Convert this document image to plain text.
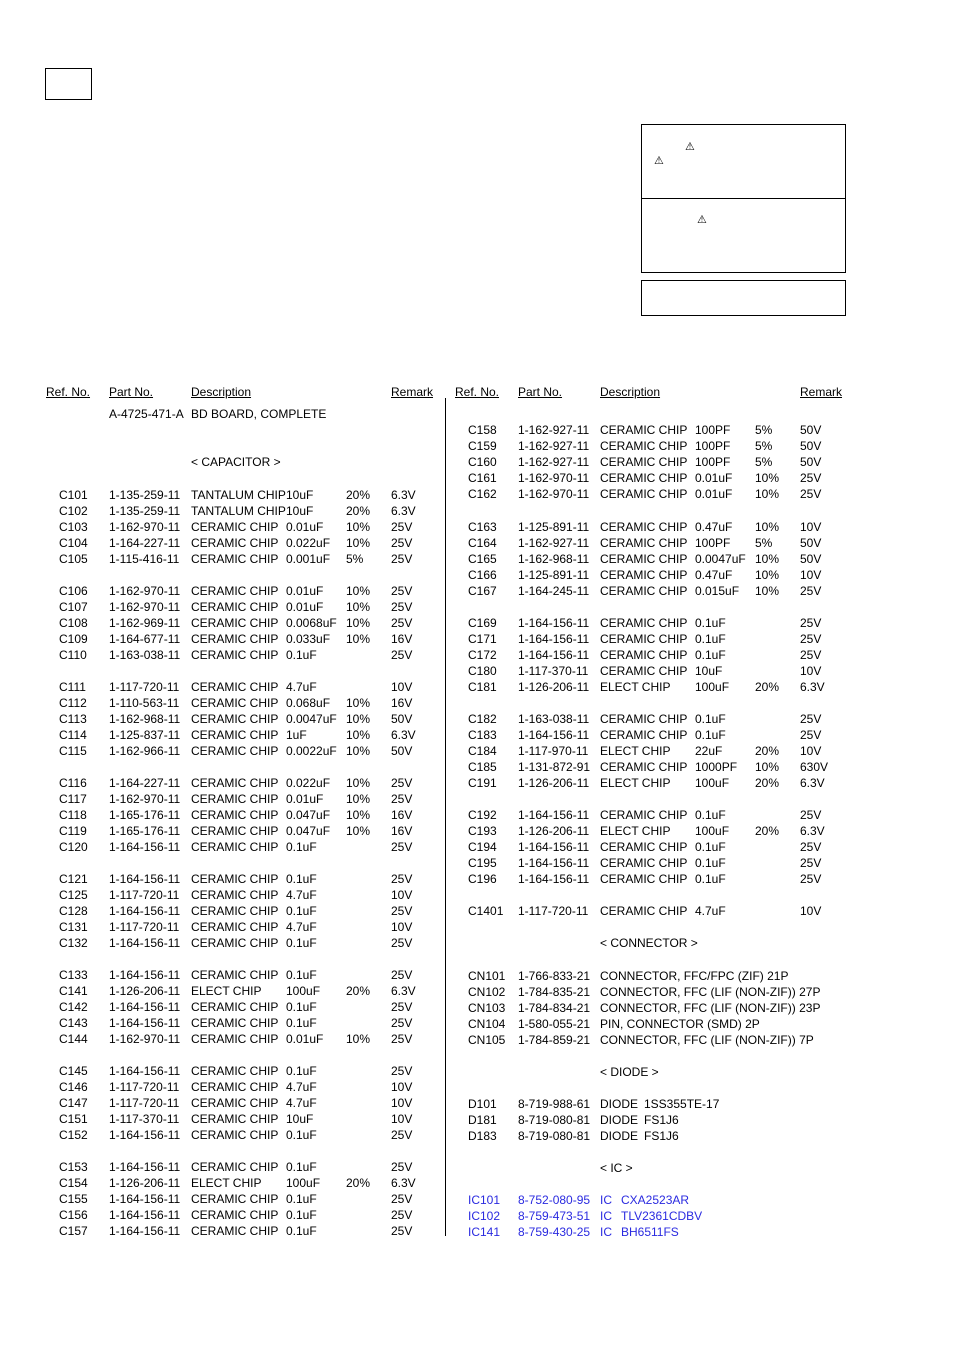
⚠
⚠
⚠
Ref. No. Part No.	Description	Remark Ref. No. Part No.	Description	Remark
A-4725-471-A BD BOARD, COMPLETE
< CAPACITOR >
< CONNECTOR >
< DIODE >
< IC >
C101 1-135-259-11 TANTALUM CHIP 10uF	20% 6.3V
C102 1-135-259-11 TANTALUM CHIP 10uF	20% 6.3V
C103 1-162-970-11 CERAMIC CHIP 0.01uF 10% 25V
C104 1-164-227-11 CERAMIC CHIP 0.022uF 10% 25V
C105 1-115-416-11 CERAMIC CHIP 0.001uF 5% 25V
C106 1-162-970-11 CERAMIC CHIP 0.01uF 10% 25V
C107 1-162-970-11 CERAMIC CHIP 0.01uF 10% 25V
C108 1-162-969-11 CERAMIC CHIP 0.0068uF 10% 25V
C109 1-164-677-11 CERAMIC CHIP 0.033uF 10% 16V
C110 1-163-038-11 CERAMIC CHIP 0.1uF	25V
C111 1-117-720-11 CERAMIC CHIP 4.7uF	10V
C112 1-110-563-11 CERAMIC CHIP 0.068uF 10% 16V
C113 1-162-968-11 CERAMIC CHIP 0.0047uF 10% 50V
C114 1-125-837-11 CERAMIC CHIP 1uF	10% 6.3V
C115 1-162-966-11 CERAMIC CHIP 0.0022uF 10% 50V
C116 1-164-227-11 CERAMIC CHIP 0.022uF 10% 25V
C117 1-162-970-11 CERAMIC CHIP 0.01uF 10% 25V
C118 1-165-176-11 CERAMIC CHIP 0.047uF 10% 16V
C119 1-165-176-11 CERAMIC CHIP 0.047uF 10% 16V
C120 1-164-156-11 CERAMIC CHIP 0.1uF	25V
C121 1-164-156-11 CERAMIC CHIP 0.1uF	25V
C125 1-117-720-11 CERAMIC CHIP 4.7uF	10V
C128 1-164-156-11 CERAMIC CHIP 0.1uF	25V
C131 1-117-720-11 CERAMIC CHIP 4.7uF	10V
C132 1-164-156-11 CERAMIC CHIP 0.1uF	25V
C133 1-164-156-11 CERAMIC CHIP 0.1uF	25V
C141 1-126-206-11 ELECT CHIP 100uF 20% 6.3V
C142 1-164-156-11 CERAMIC CHIP 0.1uF	25V
C143 1-164-156-11 CERAMIC CHIP 0.1uF	25V
C144 1-162-970-11 CERAMIC CHIP 0.01uF 10% 25V
C145 1-164-156-11 CERAMIC CHIP 0.1uF	25V
C146 1-117-720-11 CERAMIC CHIP 4.7uF	10V
C147 1-117-720-11 CERAMIC CHIP 4.7uF	10V
C151 1-117-370-11 CERAMIC CHIP 10uF	10V
C152 1-164-156-11 CERAMIC CHIP 0.1uF	25V
C153 1-164-156-11 CERAMIC CHIP 0.1uF	25V
C154 1-126-206-11 ELECT CHIP 100uF 20% 6.3V
C155 1-164-156-11 CERAMIC CHIP 0.1uF	25V
C156 1-164-156-11 CERAMIC CHIP 0.1uF	25V
C157 1-164-156-11 CERAMIC CHIP 0.1uF	25V
C158 1-162-927-11 CERAMIC CHIP 100PF 5% 50V
C159 1-162-927-11 CERAMIC CHIP 100PF 5% 50V
C160 1-162-927-11 CERAMIC CHIP 100PF 5% 50V
C161 1-162-970-11 CERAMIC CHIP 0.01uF 10% 25V
C162 1-162-970-11 CERAMIC CHIP 0.01uF 10% 25V
C163 1-125-891-11 CERAMIC CHIP 0.47uF 10% 10V
C164 1-162-927-11 CERAMIC CHIP 100PF 5% 50V
C165 1-162-968-11 CERAMIC CHIP 0.0047uF 10% 50V
C166 1-125-891-11 CERAMIC CHIP 0.47uF 10% 10V
C167 1-164-245-11 CERAMIC CHIP 0.015uF 10% 25V
C169 1-164-156-11 CERAMIC CHIP 0.1uF	25V
C171 1-164-156-11 CERAMIC CHIP 0.1uF	25V
C172 1-164-156-11 CERAMIC CHIP 0.1uF	25V
C180 1-117-370-11 CERAMIC CHIP 10uF	10V
C181 1-126-206-11 ELECT CHIP 100uF 20% 6.3V
C182 1-163-038-11 CERAMIC CHIP 0.1uF	25V
C183 1-164-156-11 CERAMIC CHIP 0.1uF	25V
C184 1-117-970-11 ELECT CHIP 22uF	20% 10V
C185 1-131-872-91 CERAMIC CHIP 1000PF 10% 630V
C191 1-126-206-11 ELECT CHIP 100uF 20% 6.3V
C192 1-164-156-11 CERAMIC CHIP 0.1uF	25V
C193 1-126-206-11 ELECT CHIP 100uF 20% 6.3V
C194 1-164-156-11 CERAMIC CHIP 0.1uF	25V
C195 1-164-156-11 CERAMIC CHIP 0.1uF	25V
C196 1-164-156-11 CERAMIC CHIP 0.1uF	25V
C1401 1-117-720-11 CERAMIC CHIP 4.7uF	10V
CN101 1-766-833-21 CONNECTOR, FFC/FPC (ZIF) 21P
CN102 1-784-835-21 CONNECTOR, FFC (LIF (NON-ZIF)) 27P
CN103 1-784-834-21 CONNECTOR, FFC (LIF (NON-ZIF)) 23P
CN104 1-580-055-21 PIN, CONNECTOR (SMD) 2P
CN105 1-784-859-21 CONNECTOR, FFC (LIF (NON-ZIF)) 7P
D101 8-719-988-61 DIODE 1SS355TE-17
D181 8-719-080-81 DIODE FS1J6
D183 8-719-080-81 DIODE FS1J6
IC101 8-752-080-95 IC CXA2523AR
IC102 8-759-473-51 IC TLV2361CDBV
IC141 8-759-430-25 IC BH6511FS
